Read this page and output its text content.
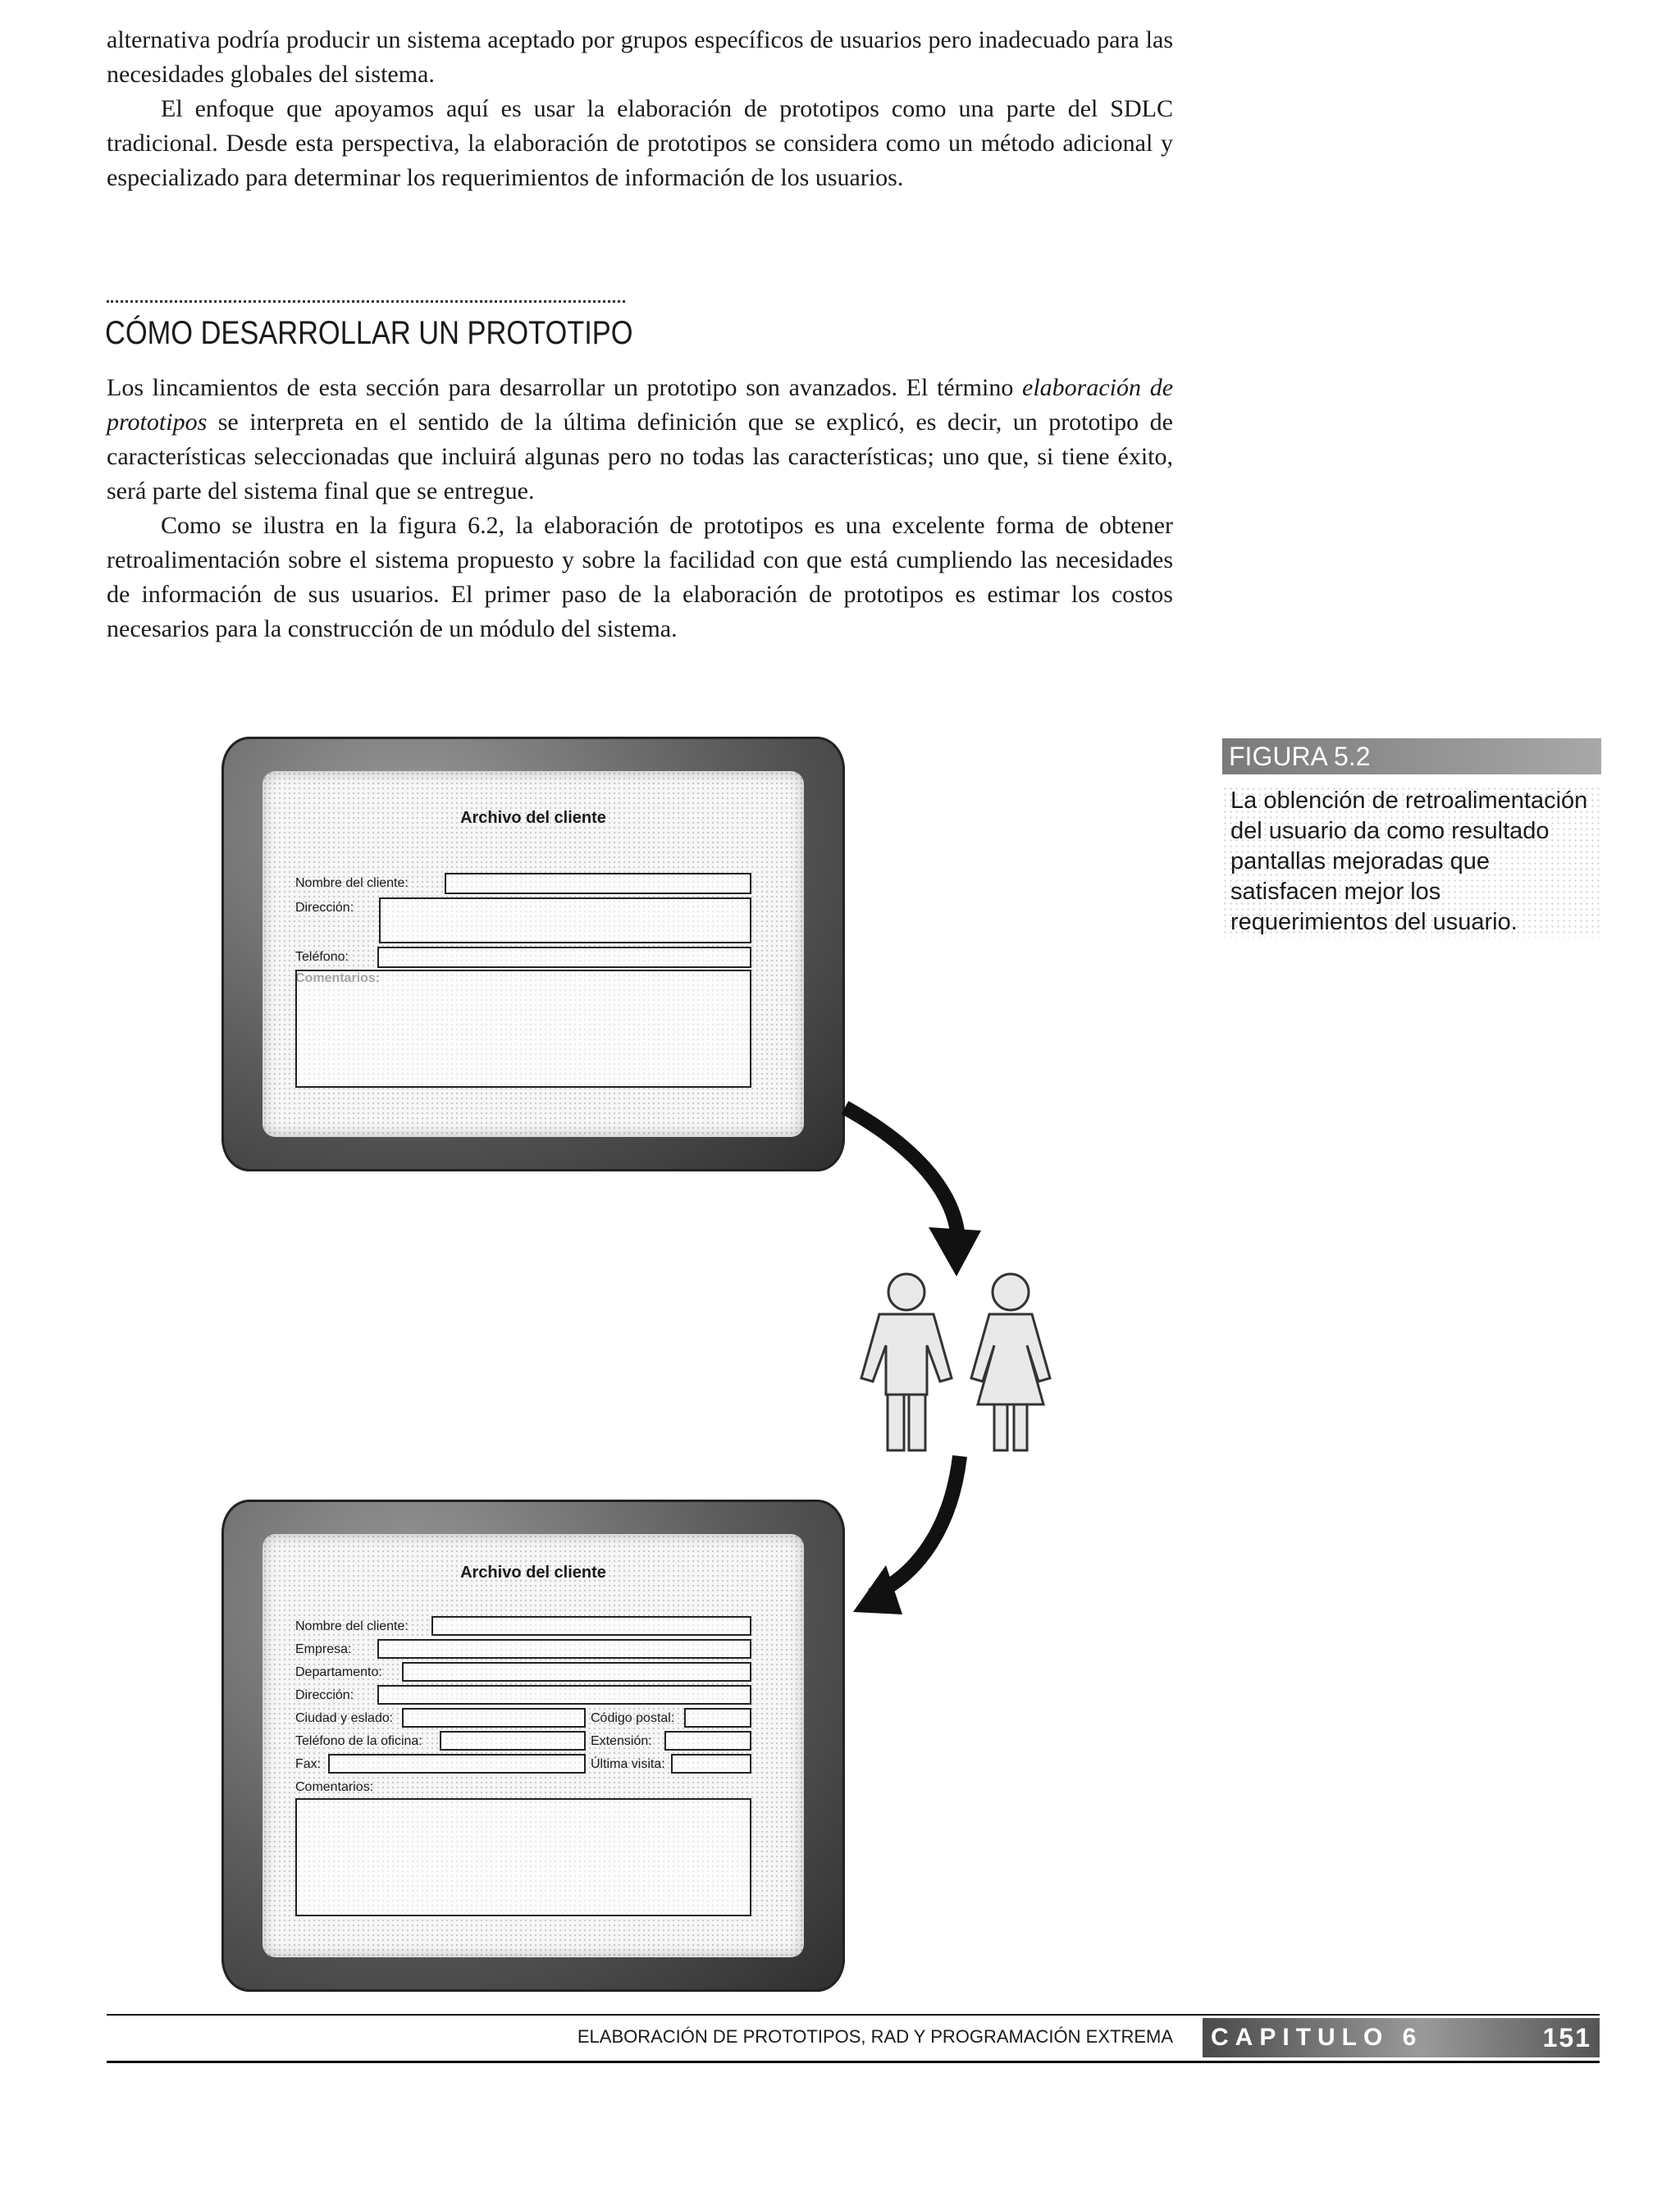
alternativa podría producir un sistema aceptado por grupos específicos de usuarios pero inadecuado para las necesidades globales del sistema.

El enfoque que apoyamos aquí es usar la elaboración de prototipos como una parte del SDLC tradicional. Desde esta perspectiva, la elaboración de prototipos se considera como un método adicional y especializado para determinar los requerimientos de información de los usuarios.

CÓMO DESARROLLAR UN PROTOTIPO

Los lincamientos de esta sección para desarrollar un prototipo son avanzados. El término elaboración de prototipos se interpreta en el sentido de la última definición que se explicó, es decir, un prototipo de características seleccionadas que incluirá algunas pero no todas las características; uno que, si tiene éxito, será parte del sistema final que se entregue.

Como se ilustra en la figura 6.2, la elaboración de prototipos es una excelente forma de obtener retroalimentación sobre el sistema propuesto y sobre la facilidad con que está cumpliendo las necesidades de información de sus usuarios. El primer paso de la elaboración de prototipos es estimar los costos necesarios para la construcción de un módulo del sistema.

Archivo del cliente
Nombre del cliente:
Dirección:
Teléfono:
Archivo del cliente
Nombre del cliente:
Empresa:
Departamento:
Dirección:
Ciudad y eslado:	Código postal:
Teléfono de la oficina:	Extensión:
Fax:	Última visita:
Comentarios:
FIGURA 5.2
La oblención de retroalimentación del usuario da como resultado pantallas mejoradas que satisfacen mejor los requerimientos del usuario.
ELABORACIÓN DE PROTOTIPOS, RAD Y PROGRAMACIÓN EXTREMA	CAPITULO 6	151
